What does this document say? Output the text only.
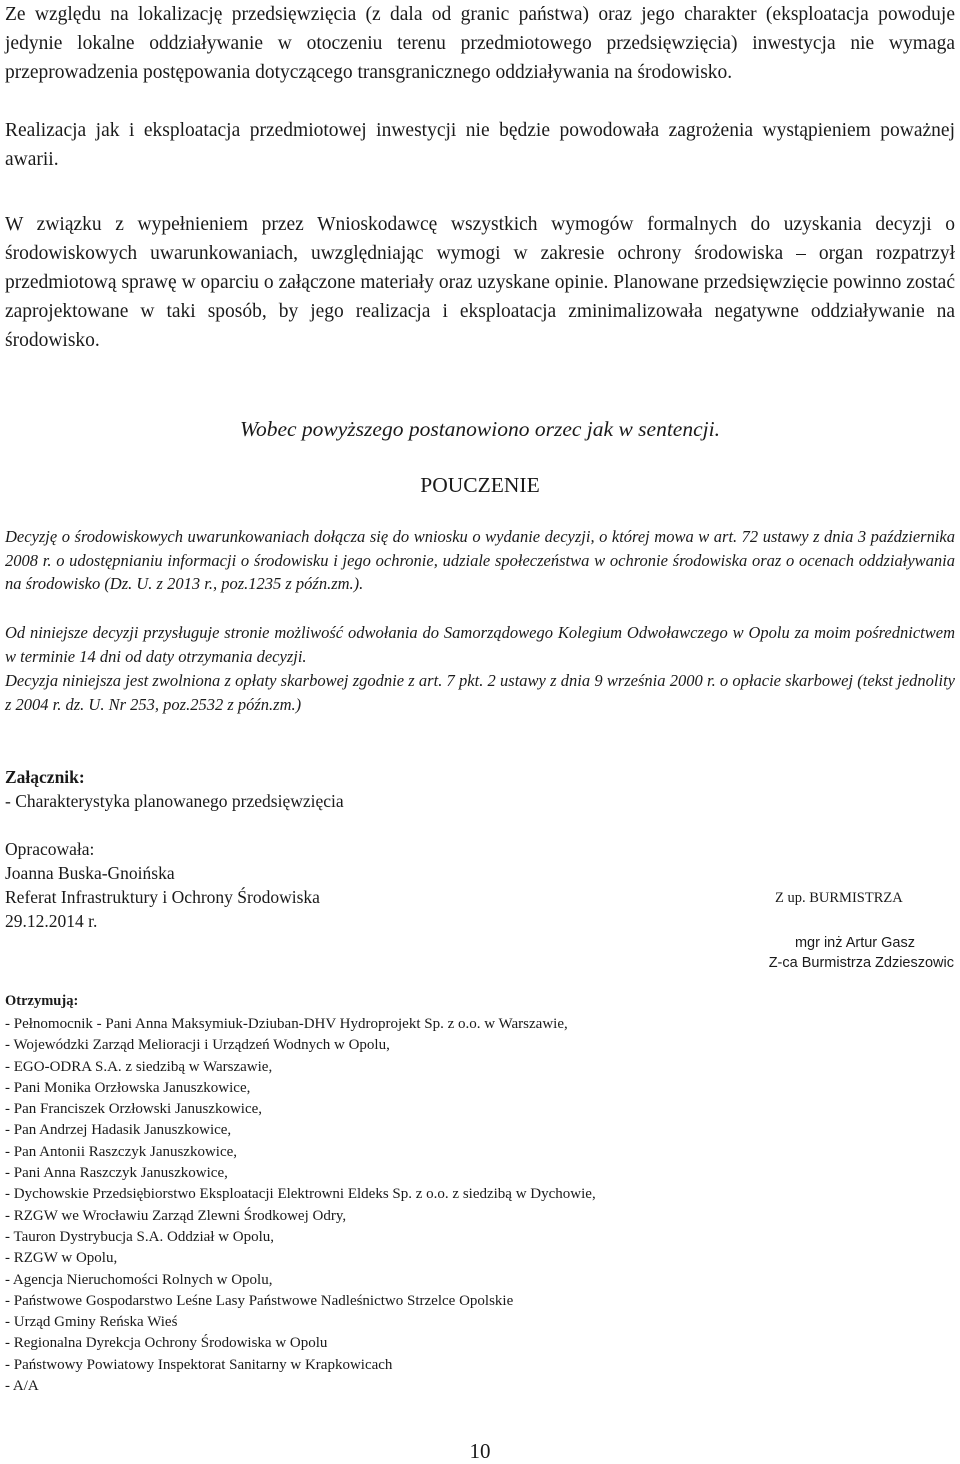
Ze względu na lokalizację przedsięwzięcia (z dala od granic państwa) oraz jego charakter (eksploatacja powoduje jedynie lokalne oddziaływanie w otoczeniu terenu przedmiotowego przedsięwzięcia) inwestycja nie wymaga przeprowadzenia postępowania dotyczącego transgranicznego oddziaływania na środowisko.

Realizacja jak i eksploatacja przedmiotowej inwestycji nie będzie powodowała zagrożenia wystąpieniem poważnej awarii.

W związku z wypełnieniem przez Wnioskodawcę wszystkich wymogów formalnych do uzyskania decyzji o środowiskowych uwarunkowaniach, uwzględniając wymogi w zakresie ochrony środowiska – organ rozpatrzył przedmiotową sprawę w oparciu o załączone materiały oraz uzyskane opinie. Planowane przedsięwzięcie powinno zostać zaprojektowane w taki sposób, by jego realizacja i eksploatacja zminimalizowała negatywne oddziaływanie na środowisko.

Wobec powyższego postanowiono orzec jak w sentencji.

POUCZENIE

Decyzję o środowiskowych uwarunkowaniach dołącza się do wniosku o wydanie decyzji, o której mowa w art. 72 ustawy z dnia 3 października 2008 r. o udostępnianiu informacji o środowisku i jego ochronie, udziale społeczeństwa w ochronie środowiska oraz o ocenach oddziaływania na środowisko (Dz. U. z 2013 r., poz.1235 z późn.zm.).

Od niniejsze decyzji przysługuje stronie możliwość odwołania do Samorządowego Kolegium Odwoławczego w Opolu za moim pośrednictwem w terminie 14 dni od daty otrzymania decyzji.

Decyzja niniejsza jest zwolniona z opłaty skarbowej zgodnie z art. 7 pkt. 2 ustawy z dnia 9 września 2000 r. o opłacie skarbowej (tekst jednolity z 2004 r. dz. U. Nr 253, poz.2532 z późn.zm.)

Załącznik:

- Charakterystyka planowanego przedsięwzięcia

Opracowała:

Joanna Buska-Gnoińska

Referat Infrastruktury i Ochrony Środowiska

29.12.2014 r.

Z up. BURMISTRZA

mgr inż Artur Gasz

Z-ca Burmistrza Zdzieszowic

Otrzymują:

- Pełnomocnik - Pani Anna Maksymiuk-Dziuban-DHV Hydroprojekt Sp. z o.o. w Warszawie,
- Wojewódzki Zarząd Melioracji i Urządzeń Wodnych w Opolu,
- EGO-ODRA S.A. z siedzibą w Warszawie,
- Pani Monika Orzłowska Januszkowice,
- Pan Franciszek Orzłowski Januszkowice,
- Pan Andrzej Hadasik Januszkowice,
- Pan Antonii Raszczyk Januszkowice,
- Pani Anna Raszczyk Januszkowice,
- Dychowskie Przedsiębiorstwo Eksploatacji Elektrowni Eldeks Sp. z o.o. z siedzibą w Dychowie,
- RZGW we Wrocławiu Zarząd Zlewni Środkowej Odry,
- Tauron Dystrybucja S.A. Oddział w Opolu,
- RZGW w Opolu,
- Agencja Nieruchomości Rolnych w Opolu,
- Państwowe Gospodarstwo Leśne Lasy Państwowe Nadleśnictwo Strzelce Opolskie
- Urząd Gminy Reńska Wieś
- Regionalna Dyrekcja Ochrony Środowiska w Opolu
- Państwowy Powiatowy Inspektorat Sanitarny w Krapkowicach
- A/A

10
